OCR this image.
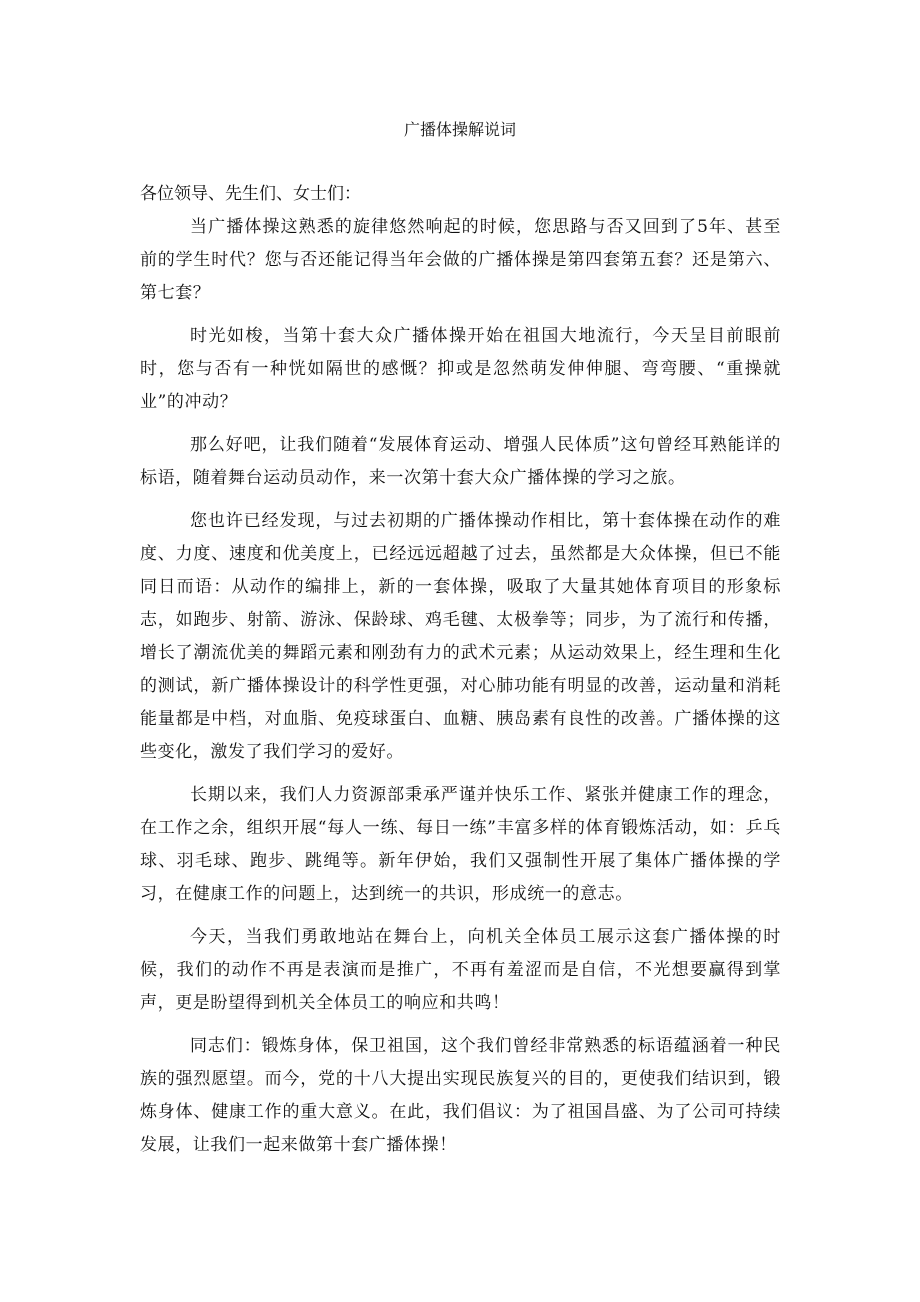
广播体操解说词

各位领导、先生们、女士们：

当广播体操这熟悉的旋律悠然响起的时候，您思路与否又回到了5年、甚至前的学生时代？您与否还能记得当年会做的广播体操是第四套第五套？还是第六、第七套？

时光如梭，当第十套大众广播体操开始在祖国大地流行，今天呈目前眼前时，您与否有一种恍如隔世的感慨？抑或是忽然萌发伸伸腿、弯弯腰、“重操就业”的冲动？

那么好吧，让我们随着“发展体育运动、增强人民体质”这句曾经耳熟能详的标语，随着舞台运动员动作，来一次第十套大众广播体操的学习之旅。

您也许已经发现，与过去初期的广播体操动作相比，第十套体操在动作的难度、力度、速度和优美度上，已经远远超越了过去，虽然都是大众体操，但已不能同日而语：从动作的编排上，新的一套体操，吸取了大量其她体育项目的形象标志，如跑步、射箭、游泳、保龄球、鸡毛毽、太极拳等；同步，为了流行和传播，增长了潮流优美的舞蹈元素和刚劲有力的武术元素；从运动效果上，经生理和生化的测试，新广播体操设计的科学性更强，对心肺功能有明显的改善，运动量和消耗能量都是中档，对血脂、免疫球蛋白、血糖、胰岛素有良性的改善。广播体操的这些变化，激发了我们学习的爱好。

长期以来，我们人力资源部秉承严谨并快乐工作、紧张并健康工作的理念，在工作之余，组织开展“每人一练、每日一练”丰富多样的体育锻炼活动，如：乒乓球、羽毛球、跑步、跳绳等。新年伊始，我们又强制性开展了集体广播体操的学习，在健康工作的问题上，达到统一的共识，形成统一的意志。

今天，当我们勇敢地站在舞台上，向机关全体员工展示这套广播体操的时候，我们的动作不再是表演而是推广，不再有羞涩而是自信，不光想要赢得到掌声，更是盼望得到机关全体员工的响应和共鸣！

同志们：锻炼身体，保卫祖国，这个我们曾经非常熟悉的标语蕴涵着一种民族的强烈愿望。而今，党的十八大提出实现民族复兴的目的，更使我们结识到，锻炼身体、健康工作的重大意义。在此，我们倡议：为了祖国昌盛、为了公司可持续发展，让我们一起来做第十套广播体操！
